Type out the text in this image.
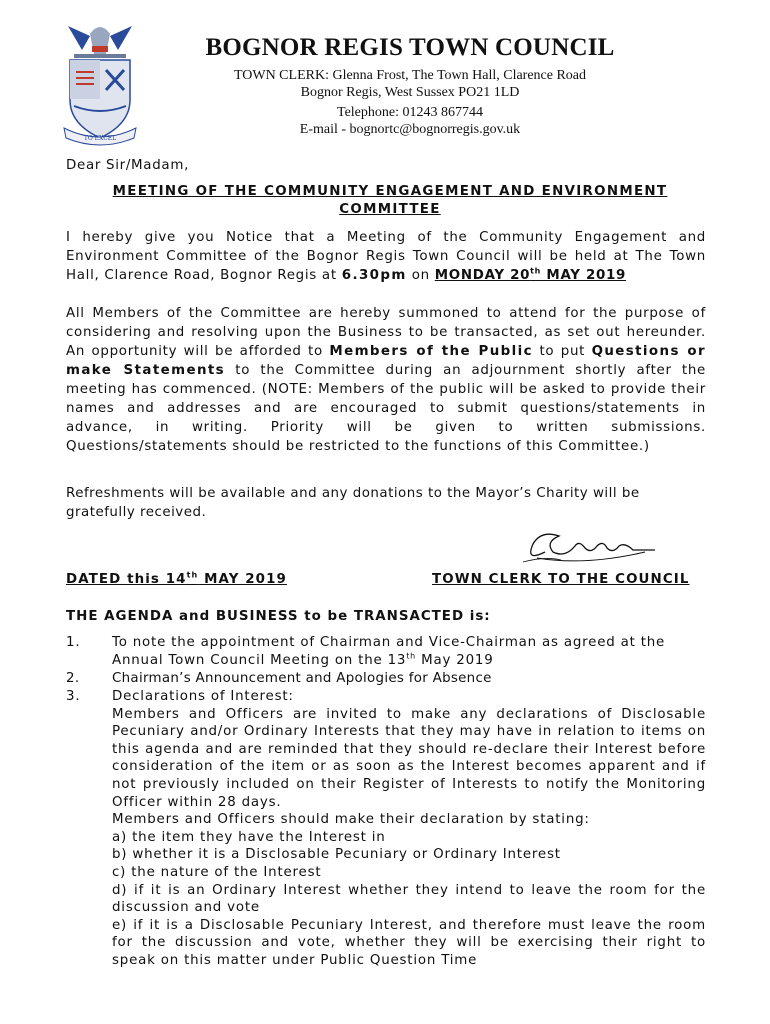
TO EXCEL
BOGNOR REGIS TOWN COUNCIL
TOWN CLERK: Glenna Frost, The Town Hall, Clarence Road
Bognor Regis, West Sussex PO21 1LD
Telephone: 01243 867744
E-mail - bognortc@bognorregis.gov.uk
Dear Sir/Madam,
MEETING OF THE COMMUNITY ENGAGEMENT AND ENVIRONMENT COMMITTEE
I hereby give you Notice that a Meeting of the Community Engagement and Environment Committee of the Bognor Regis Town Council will be held at The Town Hall, Clarence Road, Bognor Regis at 6.30pm on MONDAY 20th MAY 2019
All Members of the Committee are hereby summoned to attend for the purpose of considering and resolving upon the Business to be transacted, as set out hereunder. An opportunity will be afforded to Members of the Public to put Questions or make Statements to the Committee during an adjournment shortly after the meeting has commenced. (NOTE: Members of the public will be asked to provide their names and addresses and are encouraged to submit questions/statements in advance, in writing. Priority will be given to written submissions. Questions/statements should be restricted to the functions of this Committee.)
Refreshments will be available and any donations to the Mayor’s Charity will be gratefully received.
DATED this 14th MAY 2019	TOWN CLERK TO THE COUNCIL
THE AGENDA and BUSINESS to be TRANSACTED is:
1.	To note the appointment of Chairman and Vice-Chairman as agreed at the Annual Town Council Meeting on the 13th May 2019
2.	Chairman’s Announcement and Apologies for Absence
3.	Declarations of Interest:
Members and Officers are invited to make any declarations of Disclosable Pecuniary and/or Ordinary Interests that they may have in relation to items on this agenda and are reminded that they should re-declare their Interest before consideration of the item or as soon as the Interest becomes apparent and if not previously included on their Register of Interests to notify the Monitoring Officer within 28 days.
Members and Officers should make their declaration by stating:
a) the item they have the Interest in
b) whether it is a Disclosable Pecuniary or Ordinary Interest
c) the nature of the Interest
d) if it is an Ordinary Interest whether they intend to leave the room for the discussion and vote
e) if it is a Disclosable Pecuniary Interest, and therefore must leave the room for the discussion and vote, whether they will be exercising their right to speak on this matter under Public Question Time
